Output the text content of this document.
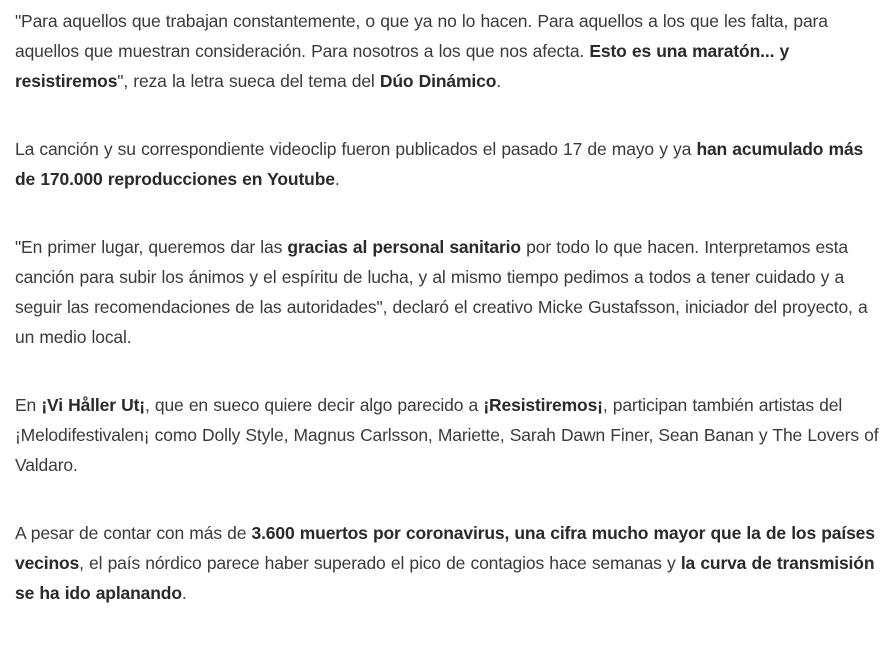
"Para aquellos que trabajan constantemente, o que ya no lo hacen. Para aquellos a los que les falta, para aquellos que muestran consideración. Para nosotros a los que nos afecta. Esto es una maratón... y resistiremos", reza la letra sueca del tema del Dúo Dinámico.

La canción y su correspondiente videoclip fueron publicados el pasado 17 de mayo y ya han acumulado más de 170.000 reproducciones en Youtube.

"En primer lugar, queremos dar las gracias al personal sanitario por todo lo que hacen. Interpretamos esta canción para subir los ánimos y el espíritu de lucha, y al mismo tiempo pedimos a todos a tener cuidado y a seguir las recomendaciones de las autoridades", declaró el creativo Micke Gustafsson, iniciador del proyecto, a un medio local.

En ¡Vi Håller Ut¡, que en sueco quiere decir algo parecido a ¡Resistiremos¡, participan también artistas del ¡Melodifestivalen¡ como Dolly Style, Magnus Carlsson, Mariette, Sarah Dawn Finer, Sean Banan y The Lovers of Valdaro.

A pesar de contar con más de 3.600 muertos por coronavirus, una cifra mucho mayor que la de los países vecinos, el país nórdico parece haber superado el pico de contagios hace semanas y la curva de transmisión se ha ido aplanando.
